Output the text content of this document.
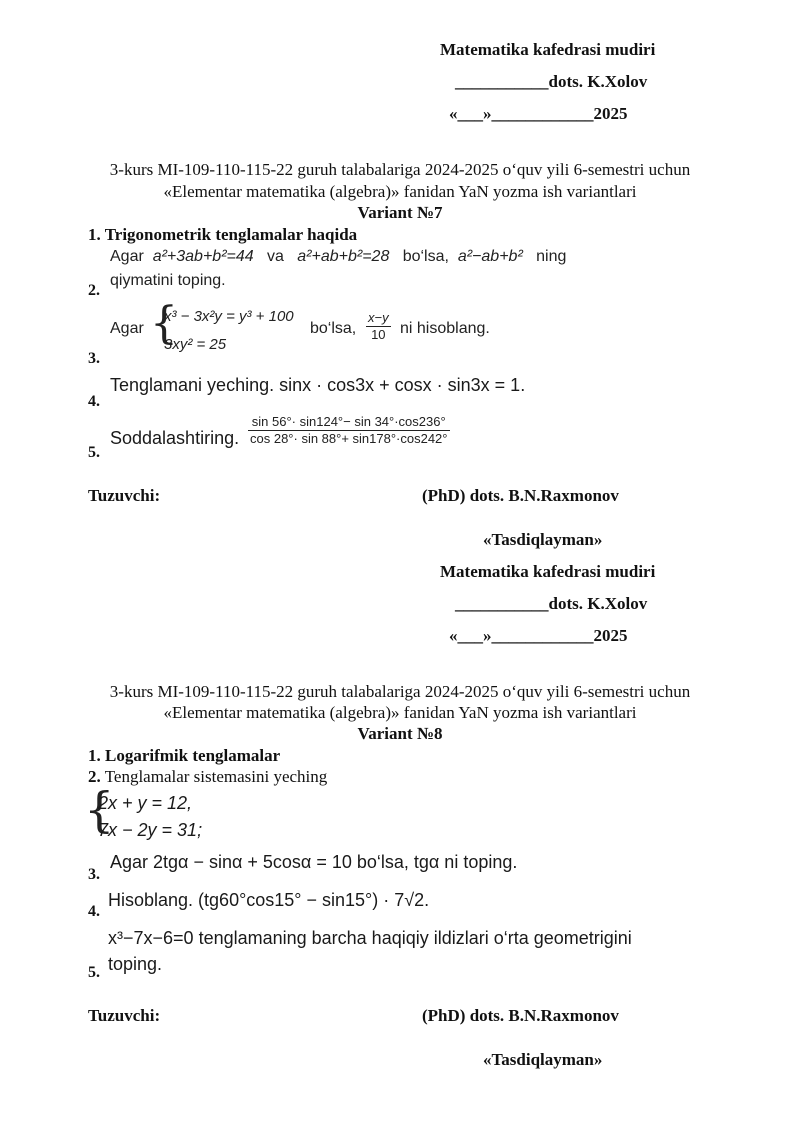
Matematika kafedrasi mudiri
___________dots. K.Xolov
«___»____________2025
3-kurs MI-109-110-115-22 guruh talabalariga 2024-2025 o‘quv yili 6-semestri uchun
«Elementar matematika (algebra)» fanidan YaN yozma ish variantlari
Variant №7
1. Trigonometrik tenglamalar haqida
Agar a²+3ab+b²=44 va a²+ab+b²=28 bo‘lsa, a²−ab+b² ning
qiymatini toping.
2.
Agar {
x³ − 3x²y = y³ + 100
3xy² = 25
bo‘lsa, $\frac{x-y}{10}$ ni hisoblang.
3.
Tenglamani yeching. sinx · cos3x + cosx · sin3x = 1.
4.
Soddalashtiring. $\frac{\sin 56^\circ\cdot \sin 124^\circ- \sin 34^\circ\cdot\cos 236^\circ}{\cos 28^\circ\cdot \sin 88^\circ+ \sin 178^\circ\cdot\cos 242^\circ}$
5.
Tuzuvchi:	(PhD) dots. B.N.Raxmonov
«Tasdiqlayman»
Matematika kafedrasi mudiri
___________dots. K.Xolov
«___»____________2025
3-kurs MI-109-110-115-22 guruh talabalariga 2024-2025 o‘quv yili 6-semestri uchun
«Elementar matematika (algebra)» fanidan YaN yozma ish variantlari
Variant №8
1. Logarifmik tenglamalar
2. Tenglamalar sistemasini yeching
{
2x + y = 12,
7x − 2y = 31;
Agar 2tgα − sinα + 5cosα = 10 bo‘lsa, tgα ni toping.
3.
Hisoblang. (tg60°cos15° − sin15°) · 7√2.
4.
x³−7x−6=0 tenglamaning barcha haqiqiy ildizlari o‘rta geometrigini
toping.
5.
Tuzuvchi:	(PhD) dots. B.N.Raxmonov
«Tasdiqlayman»
